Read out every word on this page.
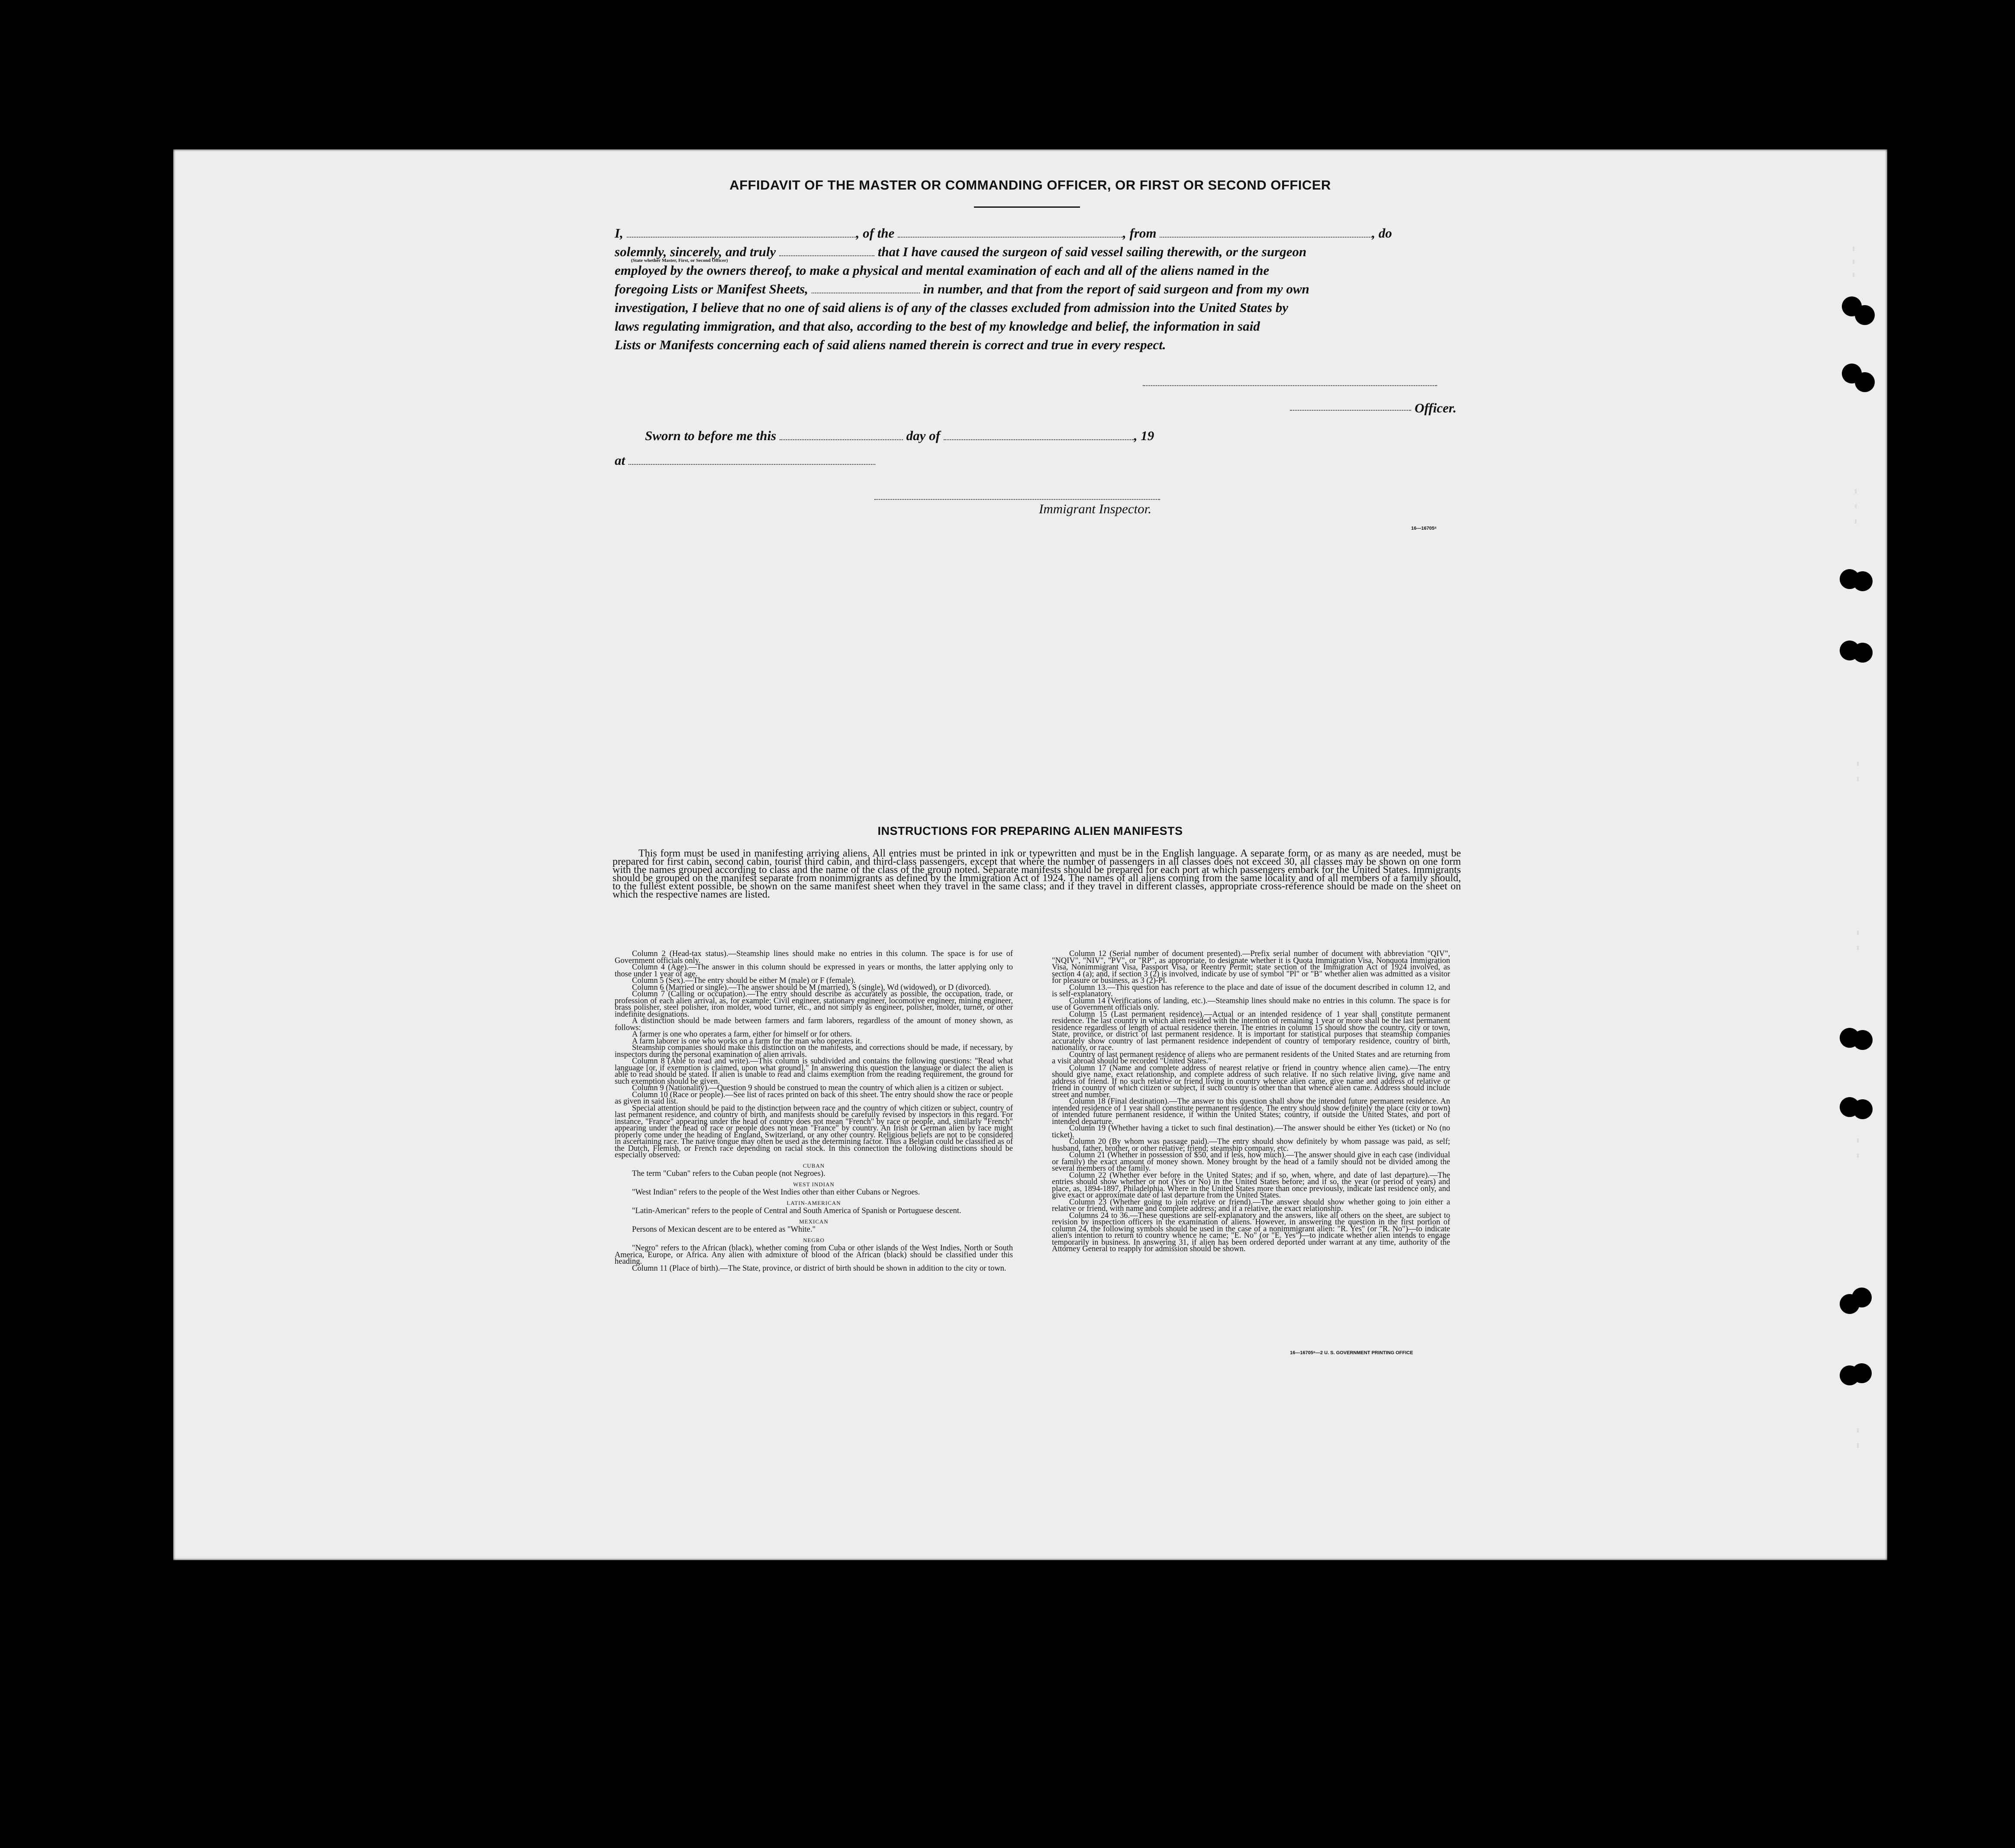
AFFIDAVIT OF THE MASTER OR COMMANDING OFFICER, OR FIRST OR SECOND OFFICER
I,
(State whether Master, First, or Second Officer)
, of the	, from	, do
solemnly, sincerely, and truly	that I have caused the surgeon of said vessel sailing therewith, or the surgeon
employed by the owners thereof, to make a physical and mental examination of each and all of the aliens named in the
foregoing Lists or Manifest Sheets,	in number, and that from the report of said surgeon and from my own
investigation, I believe that no one of said aliens is of any of the classes excluded from admission into the United States by
laws regulating immigration, and that also, according to the best of my knowledge and belief, the information in said
Lists or Manifests concerning each of said aliens named therein is correct and true in every respect.
Officer.
Sworn to before me this	day of	, 19
at
Immigrant Inspector.
16—16705⁶
INSTRUCTIONS FOR PREPARING ALIEN MANIFESTS
This form must be used in manifesting arriving aliens. All entries must be printed in ink or typewritten and must be in the English language. A separate form, or as many as are needed, must be prepared for first cabin, second cabin, tourist third cabin, and third-class passengers, except that where the number of passengers in all classes does not exceed 30, all classes may be shown on one form with the names grouped according to class and the name of the class of the group noted. Separate manifests should be prepared for each port at which passengers embark for the United States. Immigrants should be grouped on the manifest separate from nonimmigrants as defined by the Immigration Act of 1924. The names of all aliens coming from the same locality and of all members of a family should, to the fullest extent possible, be shown on the same manifest sheet when they travel in the same class; and if they travel in different classes, appropriate cross-reference should be made on the sheet on which the respective names are listed.

Column 2 (Head-tax status).—Steamship lines should make no entries in this column. The space is for use of Government officials only.

Column 4 (Age).—The answer in this column should be expressed in years or months, the latter applying only to those under 1 year of age.

Column 5 (Sex).—The entry should be either M (male) or F (female).

Column 6 (Married or single).—The answer should be M (married), S (single), Wd (widowed), or D (divorced).

Column 7 (Calling or occupation).—The entry should describe as accurately as possible, the occupation, trade, or profession of each alien arrival, as, for example: Civil engineer, stationary engineer, locomotive engineer, mining engineer, brass polisher, steel polisher, iron molder, wood turner, etc., and not simply as engineer, polisher, molder, turner, or other indefinite designations.

A distinction should be made between farmers and farm laborers, regardless of the amount of money shown, as follows:

A farmer is one who operates a farm, either for himself or for others.

A farm laborer is one who works on a farm for the man who operates it.

Steamship companies should make this distinction on the manifests, and corrections should be made, if necessary, by inspectors during the personal examination of alien arrivals.

Column 8 (Able to read and write).—This column is subdivided and contains the following questions: "Read what language [or, if exemption is claimed, upon what ground]." In answering this question the language or dialect the alien is able to read should be stated. If alien is unable to read and claims exemption from the reading requirement, the ground for such exemption should be given.

Column 9 (Nationality).—Question 9 should be construed to mean the country of which alien is a citizen or subject.

Column 10 (Race or people).—See list of races printed on back of this sheet. The entry should show the race or people as given in said list.

Special attention should be paid to the distinction between race and the country of which citizen or subject, country of last permanent residence, and country of birth, and manifests should be carefully revised by inspectors in this regard. For instance, "France" appearing under the head of country does not mean "French" by race or people, and, similarly "French" appearing under the head of race or people does not mean "France" by country. An Irish or German alien by race might properly come under the heading of England, Switzerland, or any other country. Religious beliefs are not to be considered in ascertaining race. The native tongue may often be used as the determining factor. Thus a Belgian could be classified as of the Dutch, Flemish, or French race depending on racial stock. In this connection the following distinctions should be especially observed:

CUBAN

The term "Cuban" refers to the Cuban people (not Negroes).

WEST INDIAN

"West Indian" refers to the people of the West Indies other than either Cubans or Negroes.

LATIN-AMERICAN

"Latin-American" refers to the people of Central and South America of Spanish or Portuguese descent.

MEXICAN

Persons of Mexican descent are to be entered as "White."

NEGRO

"Negro" refers to the African (black), whether coming from Cuba or other islands of the West Indies, North or South America, Europe, or Africa. Any alien with admixture of blood of the African (black) should be classified under this heading.

Column 11 (Place of birth).—The State, province, or district of birth should be shown in addition to the city or town.

Column 12 (Serial number of document presented).—Prefix serial number of document with abbreviation "QIV", "NQIV", "NIV", "PV", or "RP", as appropriate, to designate whether it is Quota Immigration Visa, Nonquota Immigration Visa, Nonimmigrant Visa, Passport Visa, or Reentry Permit; state section of the Immigration Act of 1924 involved, as section 4 (a); and, if section 3 (2) is involved, indicate by use of symbol "Pl" or "B" whether alien was admitted as a visitor for pleasure or business, as 3 (2)-Pl.

Column 13.—This question has reference to the place and date of issue of the document described in column 12, and is self-explanatory.

Column 14 (Verifications of landing, etc.).—Steamship lines should make no entries in this column. The space is for use of Government officials only.

Column 15 (Last permanent residence).—Actual or an intended residence of 1 year shall constitute permanent residence. The last country in which alien resided with the intention of remaining 1 year or more shall be the last permanent residence regardless of length of actual residence therein. The entries in column 15 should show the country, city or town, State, province, or district of last permanent residence. It is important for statistical purposes that steamship companies accurately show country of last permanent residence independent of country of temporary residence, country of birth, nationality, or race.

Country of last permanent residence of aliens who are permanent residents of the United States and are returning from a visit abroad should be recorded "United States."

Column 17 (Name and complete address of nearest relative or friend in country whence alien came).—The entry should give name, exact relationship, and complete address of such relative. If no such relative living, give name and address of friend. If no such relative or friend living in country whence alien came, give name and address of relative or friend in country of which citizen or subject, if such country is other than that whence alien came. Address should include street and number.

Column 18 (Final destination).—The answer to this question shall show the intended future permanent residence. An intended residence of 1 year shall constitute permanent residence. The entry should show definitely the place (city or town) of intended future permanent residence, if within the United States; country, if outside the United States, and port of intended departure.

Column 19 (Whether having a ticket to such final destination).—The answer should be either Yes (ticket) or No (no ticket).

Column 20 (By whom was passage paid).—The entry should show definitely by whom passage was paid, as self; husband, father, brother, or other relative; friend; steamship company, etc.

Column 21 (Whether in possession of $50, and if less, how much).—The answer should give in each case (individual or family) the exact amount of money shown. Money brought by the head of a family should not be divided among the several members of the family.

Column 22 (Whether ever before in the United States; and if so, when, where, and date of last departure).—The entries should show whether or not (Yes or No) in the United States before; and if so, the year (or period of years) and place, as, 1894-1897, Philadelphia. Where in the United States more than once previously, indicate last residence only, and give exact or approximate date of last departure from the United States.

Column 23 (Whether going to join relative or friend).—The answer should show whether going to join either a relative or friend, with name and complete address; and if a relative, the exact relationship.

Columns 24 to 36.—These questions are self-explanatory and the answers, like all others on the sheet, are subject to revision by inspection officers in the examination of aliens. However, in answering the question in the first portion of column 24, the following symbols should be used in the case of a nonimmigrant alien: "R. Yes" (or "R. No")—to indicate alien's intention to return to country whence he came; "E. No" (or "E. Yes")—to indicate whether alien intends to engage temporarily in business. In answering 31, if alien has been ordered deported under warrant at any time, authority of the Attorney General to reapply for admission should be shown.

16—16705⁶—2 U. S. GOVERNMENT PRINTING OFFICE
